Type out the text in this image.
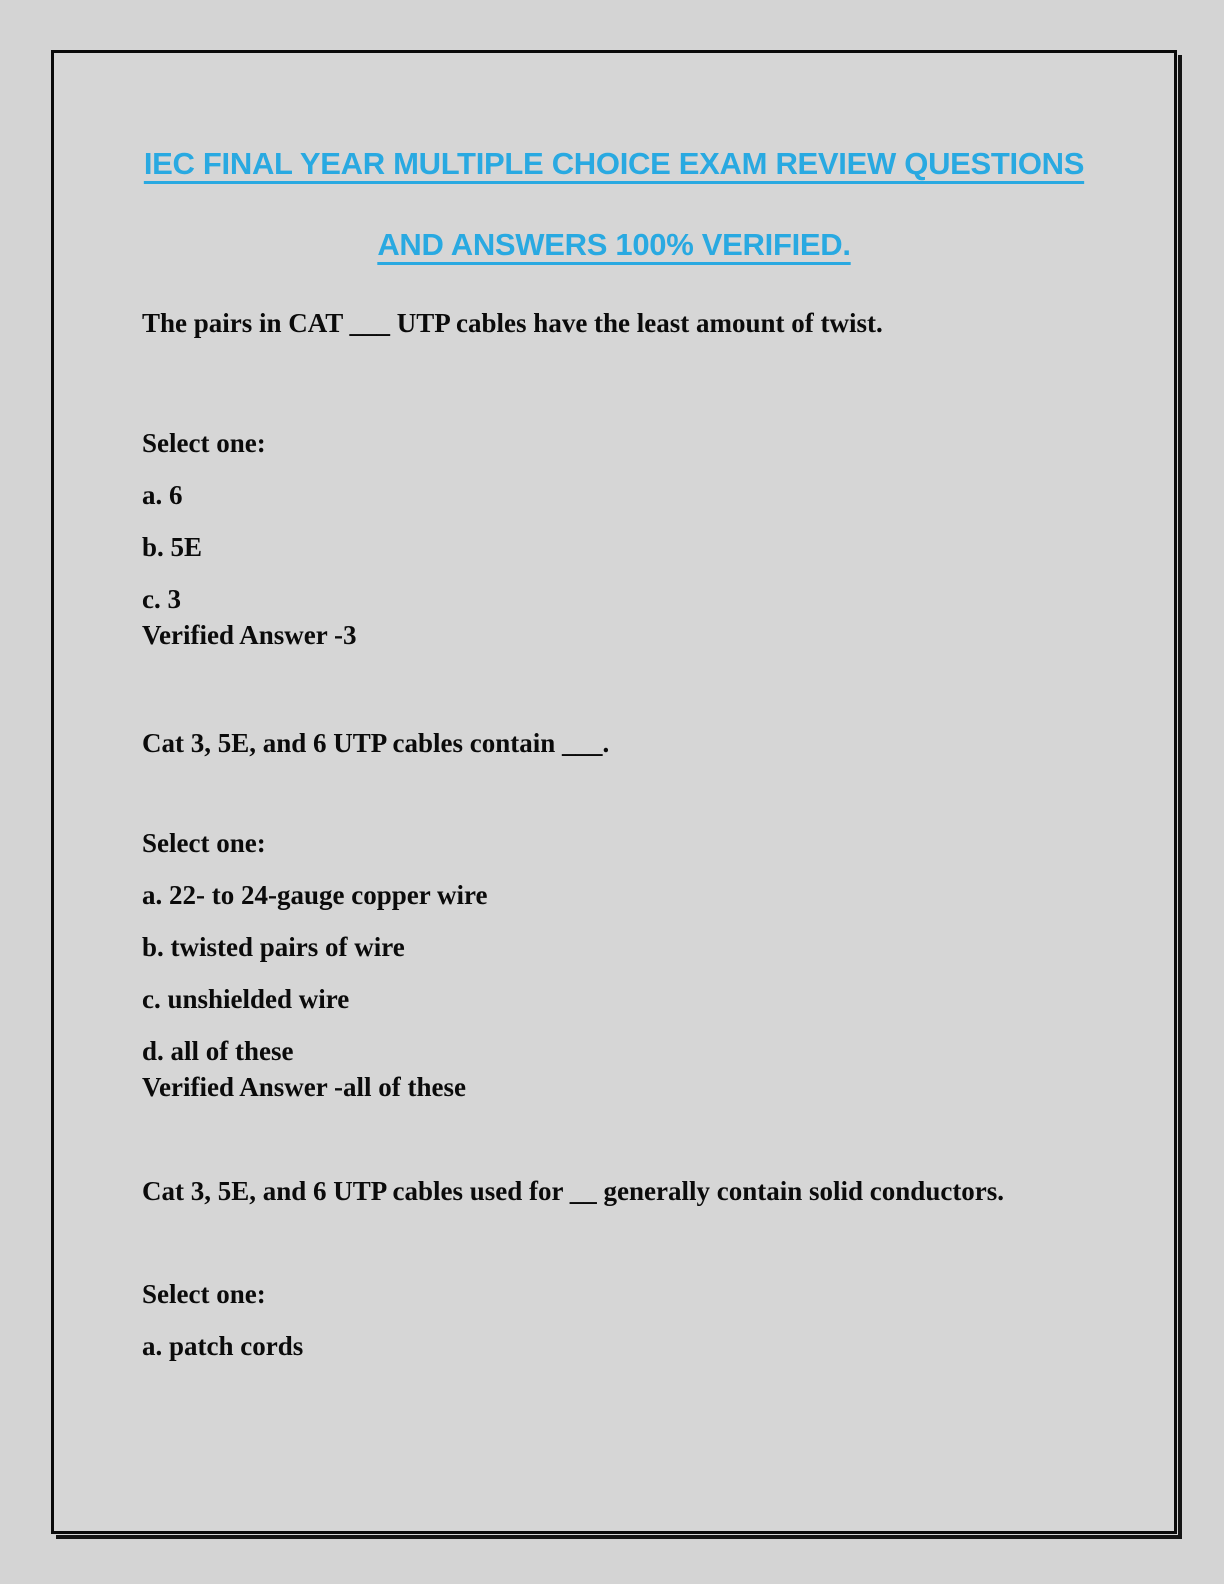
IEC FINAL YEAR MULTIPLE CHOICE EXAM REVIEW QUESTIONS
AND ANSWERS 100% VERIFIED.

The pairs in CAT ___ UTP cables have the least amount of twist.

Select one:

a. 6

b. 5E

c. 3

Verified Answer -3

Cat 3, 5E, and 6 UTP cables contain ___.

Select one:

a. 22- to 24-gauge copper wire

b. twisted pairs of wire

c. unshielded wire

d. all of these

Verified Answer -all of these

Cat 3, 5E, and 6 UTP cables used for __ generally contain solid conductors.

Select one:

a. patch cords
